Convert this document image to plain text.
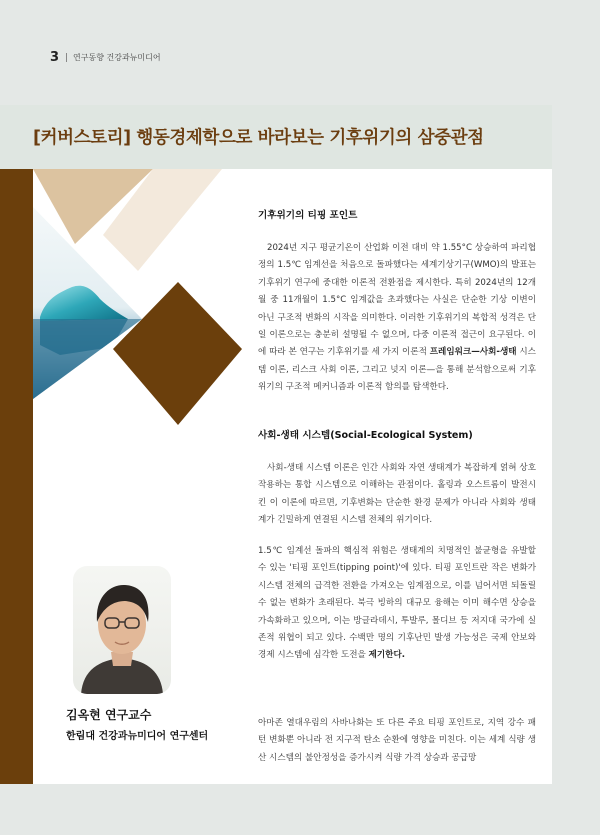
3 연구동향 건강과뉴미디어
[커버스토리] 행동경제학으로 바라보는 기후위기의 삼중관점
기후위기의 티핑 포인트
2024년 지구 평균기온이 산업화 이전 대비 약 1.55°C 상승하여 파리협정의 1.5℃ 임계선을 처음으로 돌파했다는 세계기상기구(WMO)의 발표는 기후위기 연구에 중대한 이론적 전환점을 제시한다. 특히 2024년의 12개월 중 11개월이 1.5°C 임계값을 초과했다는 사실은 단순한 기상 이변이 아닌 구조적 변화의 시작을 의미한다. 이러한 기후위기의 복합적 성격은 단일 이론으로는 충분히 설명될 수 없으며, 다중 이론적 접근이 요구된다. 이에 따라 본 연구는 기후위기를 세 가지 이론적 프레임워크—사회-생태 시스템 이론, 리스크 사회 이론, 그리고 넛지 이론—을 통해 분석함으로써 기후위기의 구조적 메커니즘과 이론적 함의를 탐색한다.
사회-생태 시스템(Social-Ecological System)
사회-생태 시스템 이론은 인간 사회와 자연 생태계가 복잡하게 얽혀 상호작용하는 통합 시스템으로 이해하는 관점이다. 홀링과 오스트롬이 발전시킨 이 이론에 따르면, 기후변화는 단순한 환경 문제가 아니라 사회와 생태계가 긴밀하게 연결된 시스템 전체의 위기이다.
1.5℃ 임계선 돌파의 핵심적 위험은 생태계의 치명적인 불균형을 유발할 수 있는 '티핑 포인트(tipping point)'에 있다. 티핑 포인트란 작은 변화가 시스템 전체의 급격한 전환을 가져오는 임계점으로, 이를 넘어서면 되돌릴 수 없는 변화가 초래된다. 북극 빙하의 대규모 융해는 이미 해수면 상승을 가속화하고 있으며, 이는 방글라데시, 투발루, 몰디브 등 저지대 국가에 실존적 위협이 되고 있다. 수백만 명의 기후난민 발생 가능성은 국제 안보와 경제 시스템에 심각한 도전을 제기한다.
아마존 열대우림의 사바나화는 또 다른 주요 티핑 포인트로, 지역 강수 패턴 변화뿐 아니라 전 지구적 탄소 순환에 영향을 미친다. 이는 세계 식량 생산 시스템의 불안정성을 증가시켜 식량 가격 상승과 공급망
김옥현 연구교수
한림대 건강과뉴미디어 연구센터
